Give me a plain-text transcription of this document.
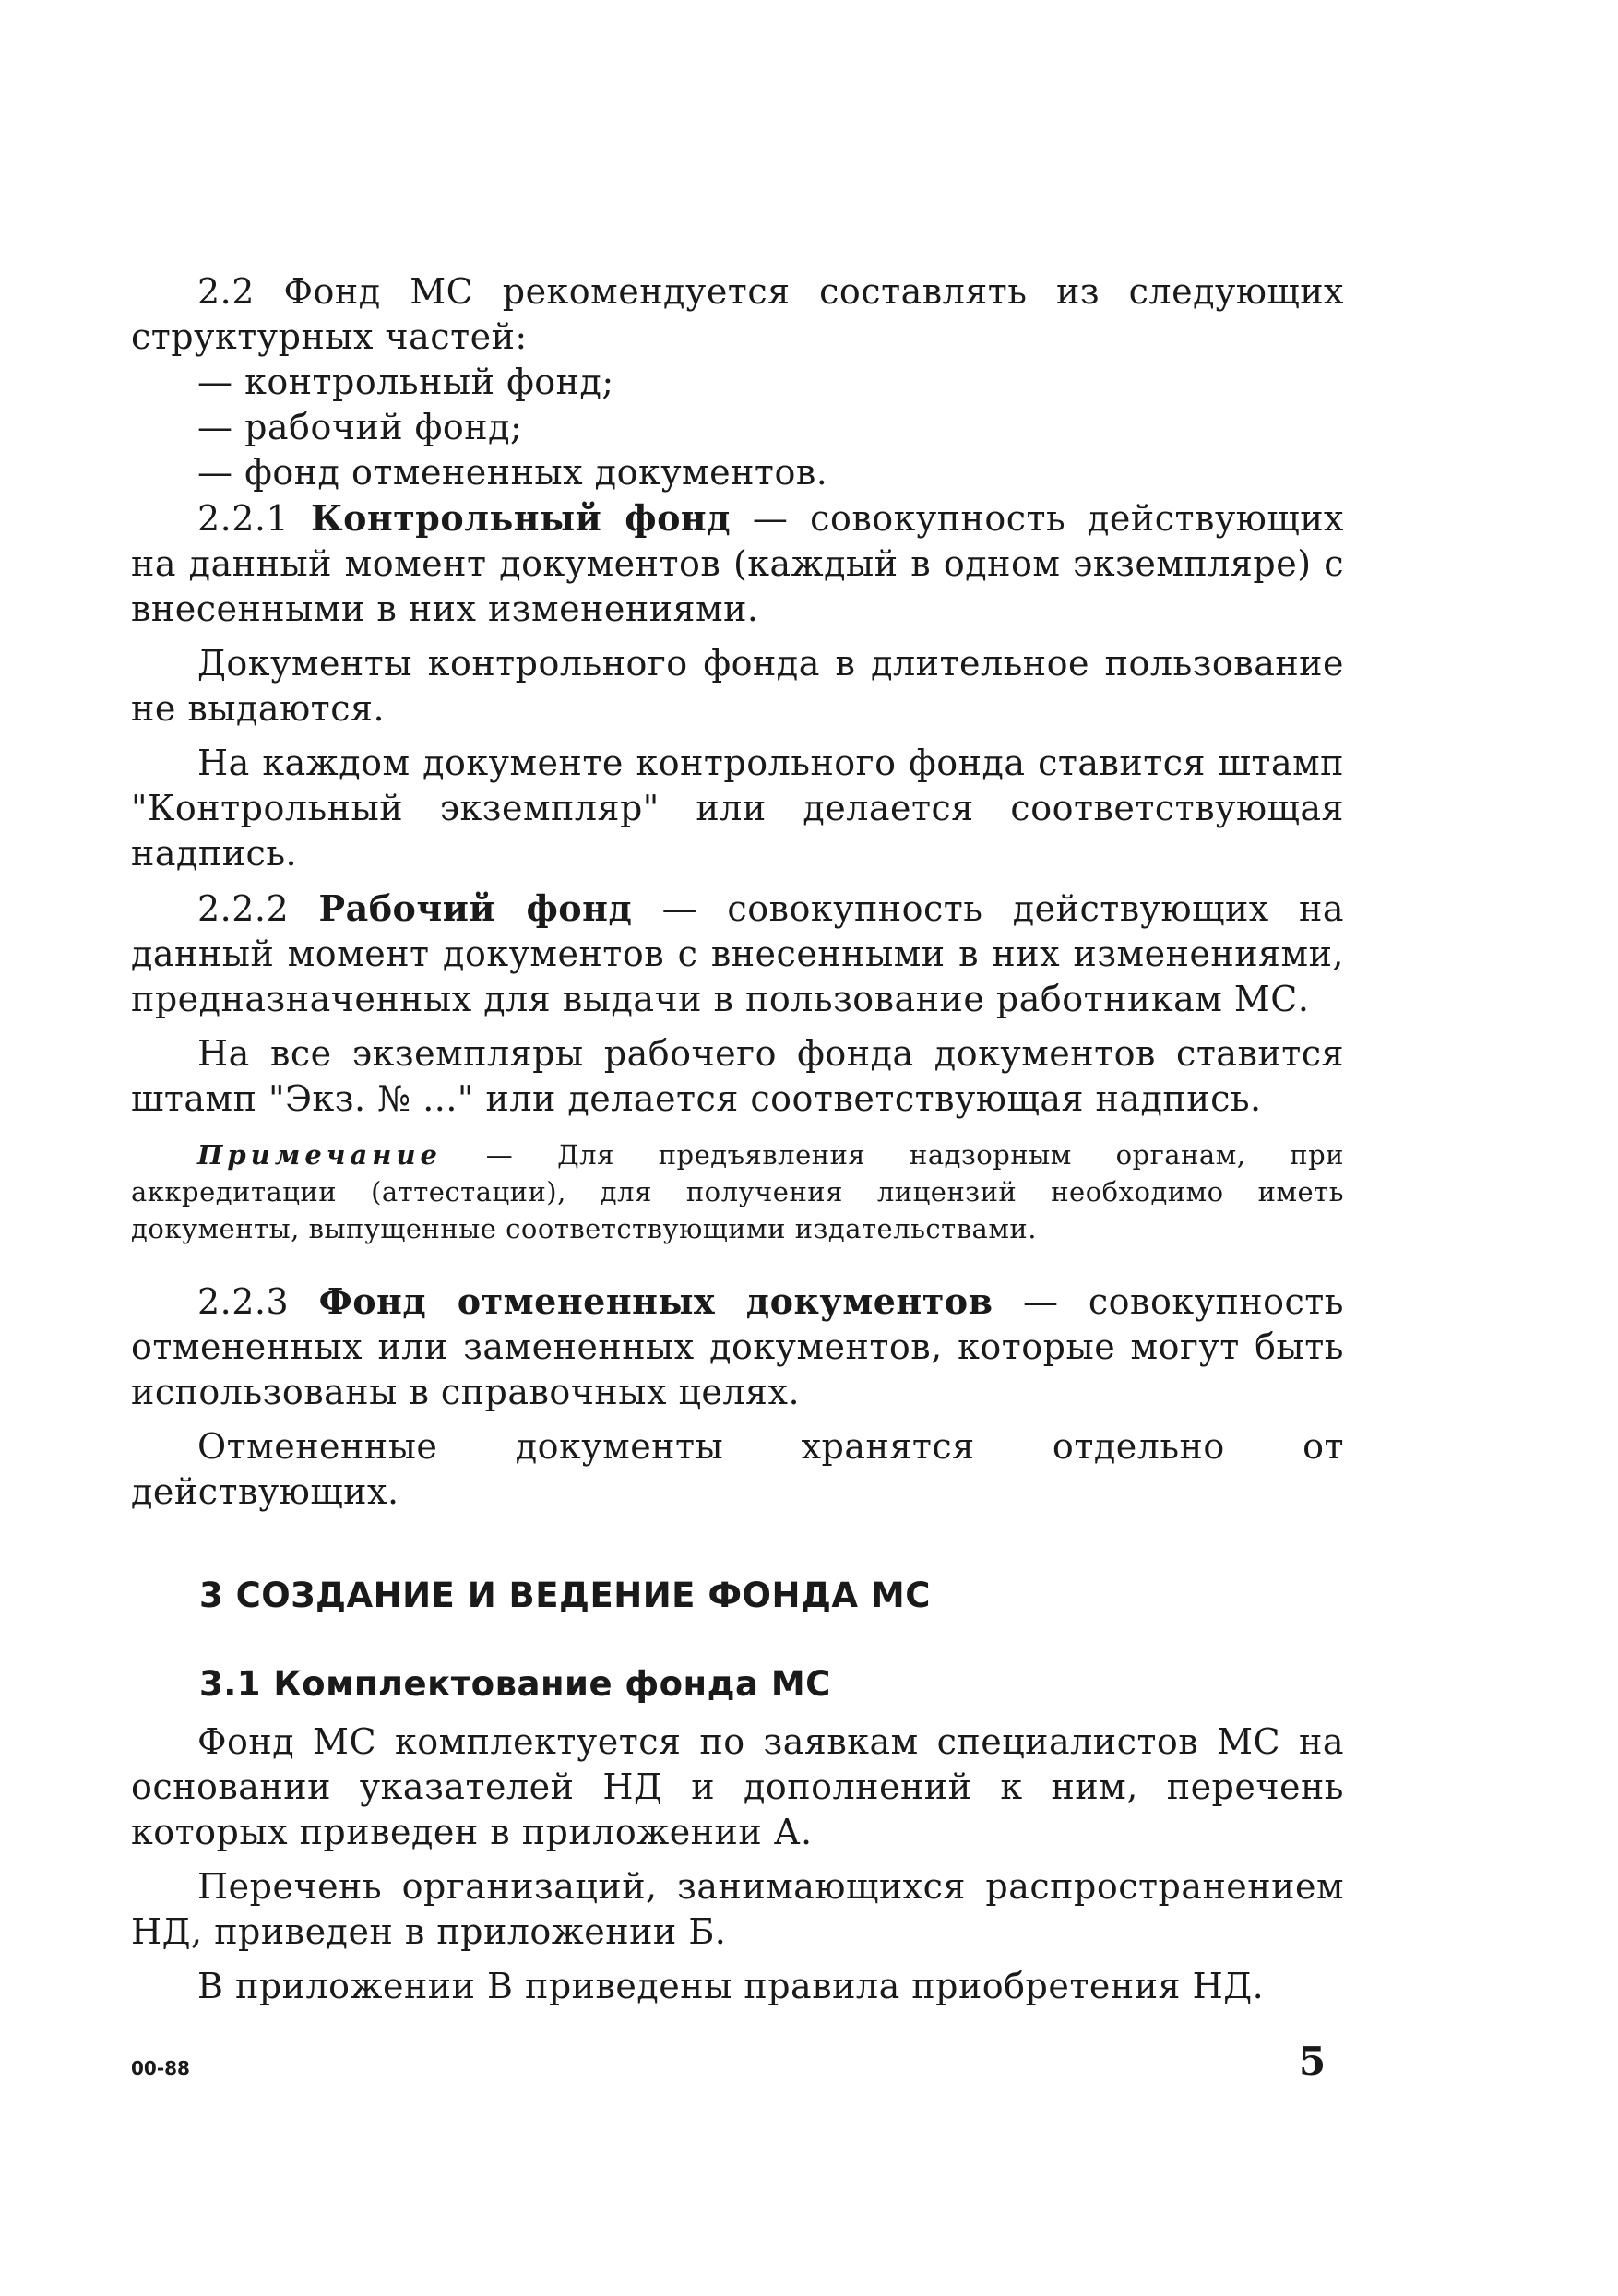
2.2 Фонд МС рекомендуется составлять из следующих структурных частей:

— контрольный фонд;

— рабочий фонд;

— фонд отмененных документов.

2.2.1 Контрольный фонд — совокупность действующих на данный момент документов (каждый в одном экземпляре) с внесенными в них изменениями.

Документы контрольного фонда в длительное пользование не выдаются.

На каждом документе контрольного фонда ставится штамп "Контрольный экземпляр" или делается соответствующая надпись.

2.2.2 Рабочий фонд — совокупность действующих на данный момент документов с внесенными в них изменениями, предназначенных для выдачи в пользование работникам МС.

На все экземпляры рабочего фонда документов ставится штамп "Экз. № ..." или делается соответствующая надпись.

Примечание — Для предъявления надзорным органам, при аккредитации (аттестации), для получения лицензий необходимо иметь документы, выпущенные соответствующими издательствами.

2.2.3 Фонд отмененных документов — совокупность отмененных или замененных документов, которые могут быть использованы в справочных целях.

Отмененные документы хранятся отдельно от действующих.

3 СОЗДАНИЕ И ВЕДЕНИЕ ФОНДА МС
3.1 Комплектование фонда МС

Фонд МС комплектуется по заявкам специалистов МС на основании указателей НД и дополнений к ним, перечень которых приведен в приложении А.

Перечень организаций, занимающихся распространением НД, приведен в приложении Б.

В приложении В приведены правила приобретения НД.

00-88	5
